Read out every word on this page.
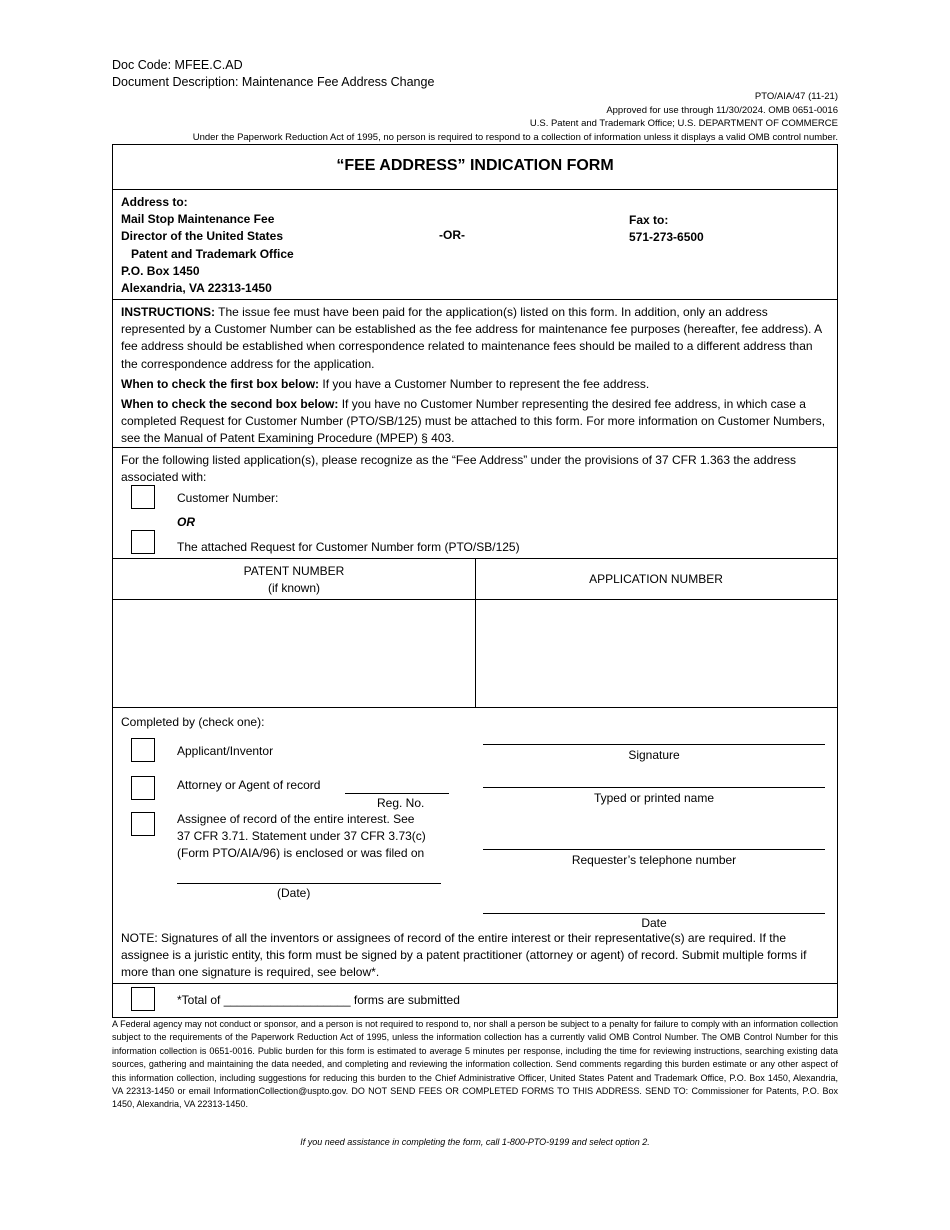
Doc Code: MFEE.C.AD
Document Description: Maintenance Fee Address Change
PTO/AIA/47 (11-21)
Approved for use through 11/30/2024. OMB 0651-0016
U.S. Patent and Trademark Office; U.S. DEPARTMENT OF COMMERCE
Under the Paperwork Reduction Act of 1995, no person is required to respond to a collection of information unless it displays a valid OMB control number.
“FEE ADDRESS” INDICATION FORM
Address to:
Mail Stop Maintenance Fee
Director of the United States
Patent and Trademark Office
P.O. Box 1450
Alexandria, VA 22313-1450
-OR-
Fax to:
571-273-6500

INSTRUCTIONS: The issue fee must have been paid for the application(s) listed on this form. In addition, only an address represented by a Customer Number can be established as the fee address for maintenance fee purposes (hereafter, fee address). A fee address should be established when correspondence related to maintenance fees should be mailed to a different address than the correspondence address for the application.

When to check the first box below: If you have a Customer Number to represent the fee address.

When to check the second box below: If you have no Customer Number representing the desired fee address, in which case a completed Request for Customer Number (PTO/SB/125) must be attached to this form. For more information on Customer Numbers, see the Manual of Patent Examining Procedure (MPEP) § 403.

For the following listed application(s), please recognize as the “Fee Address” under the provisions of 37 CFR 1.363 the address associated with:
Customer Number:
OR
The attached Request for Customer Number form (PTO/SB/125)
PATENT NUMBER
(if known)
APPLICATION NUMBER
Completed by (check one):
Applicant/Inventor
Attorney or Agent of record
Reg. No.
Assignee of record of the entire interest. See
37 CFR 3.71. Statement under 37 CFR 3.73(c)
(Form PTO/AIA/96) is enclosed or was filed on
(Date)
Signature
Typed or printed name
Requester’s telephone number
Date
NOTE: Signatures of all the inventors or assignees of record of the entire interest or their representative(s) are required. If the assignee is a juristic entity, this form must be signed by a patent practitioner (attorney or agent) of record. Submit multiple forms if more than one signature is required, see below*.
*Total of ___________________ forms are submitted
A Federal agency may not conduct or sponsor, and a person is not required to respond to, nor shall a person be subject to a penalty for failure to comply with an information collection subject to the requirements of the Paperwork Reduction Act of 1995, unless the information collection has a currently valid OMB Control Number. The OMB Control Number for this information collection is 0651-0016. Public burden for this form is estimated to average 5 minutes per response, including the time for reviewing instructions, searching existing data sources, gathering and maintaining the data needed, and completing and reviewing the information collection. Send comments regarding this burden estimate or any other aspect of this information collection, including suggestions for reducing this burden to the Chief Administrative Officer, United States Patent and Trademark Office, P.O. Box 1450, Alexandria, VA 22313-1450 or email InformationCollection@uspto.gov. DO NOT SEND FEES OR COMPLETED FORMS TO THIS ADDRESS. SEND TO: Commissioner for Patents, P.O. Box 1450, Alexandria, VA 22313-1450.
If you need assistance in completing the form, call 1-800-PTO-9199 and select option 2.
